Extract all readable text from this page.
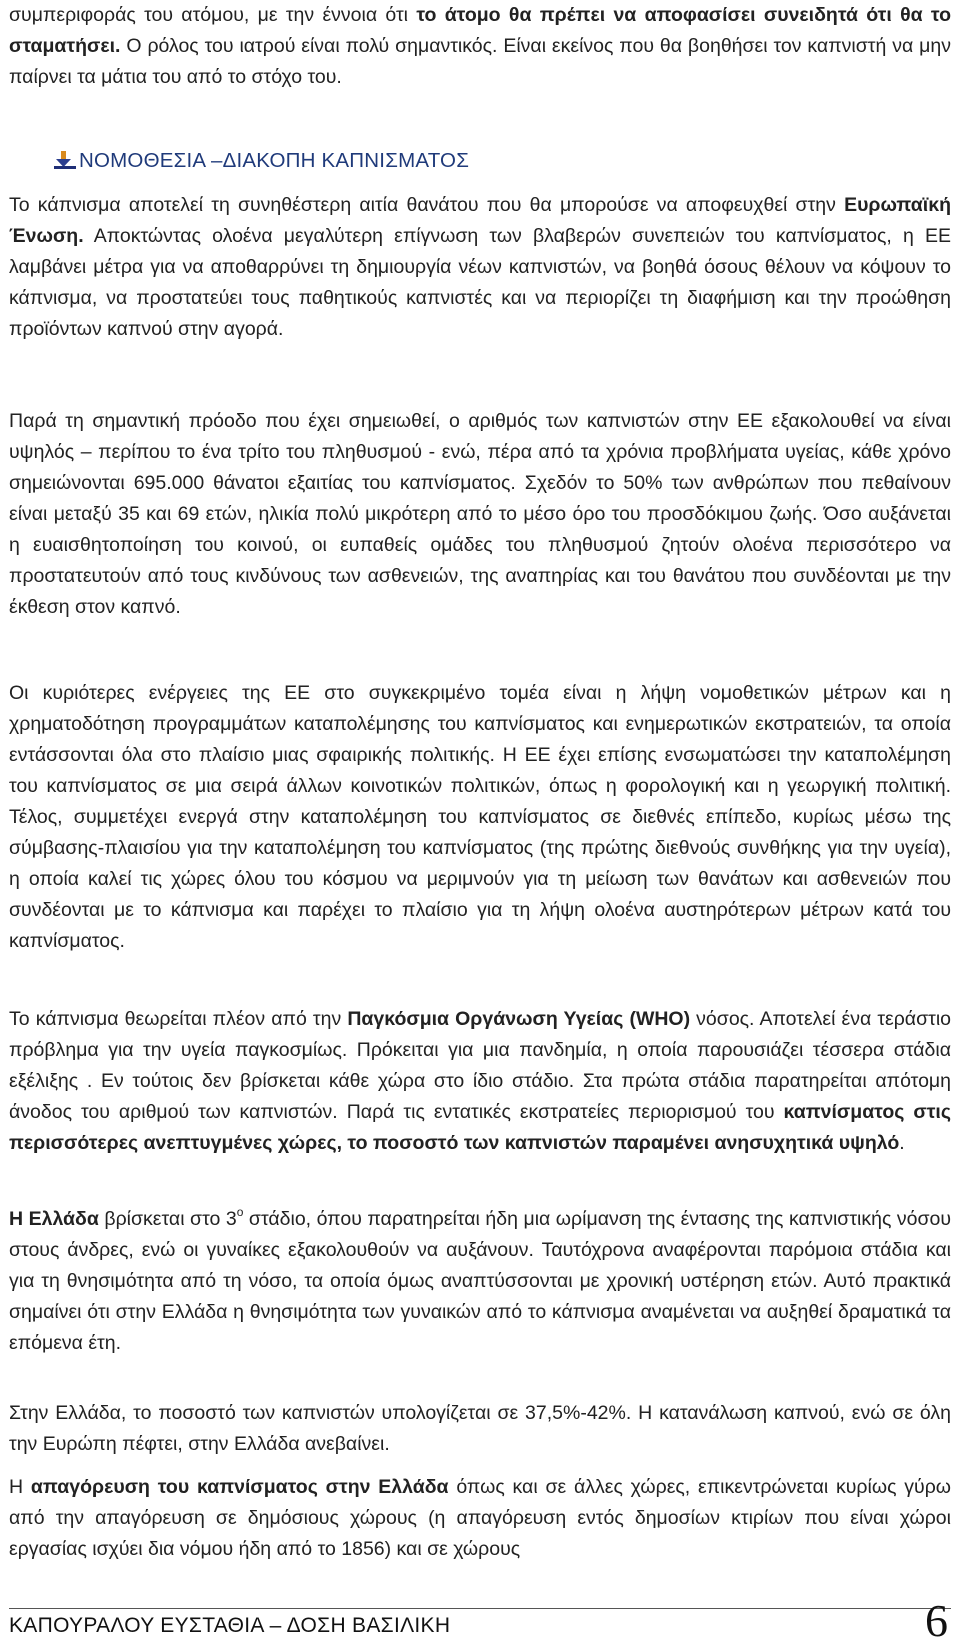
συμπεριφοράς του ατόμου, με την έννοια ότι το άτομο θα πρέπει να αποφασίσει συνειδητά ότι θα το σταματήσει. Ο ρόλος του ιατρού είναι πολύ σημαντικός. Είναι εκείνος που θα βοηθήσει τον καπνιστή να μην παίρνει τα μάτια του από το στόχο του.

ΝΟΜΟΘΕΣΙΑ –ΔΙΑΚΟΠΗ ΚΑΠΝΙΣΜΑΤΟΣ

Το κάπνισμα αποτελεί τη συνηθέστερη αιτία θανάτου που θα μπορούσε να αποφευχθεί στην Ευρωπαϊκή Ένωση. Αποκτώντας ολοένα μεγαλύτερη επίγνωση των βλαβερών συνεπειών του καπνίσματος, η ΕΕ λαμβάνει μέτρα για να αποθαρρύνει τη δημιουργία νέων καπνιστών, να βοηθά όσους θέλουν να κόψουν το κάπνισμα, να προστατεύει τους παθητικούς καπνιστές και να περιορίζει τη διαφήμιση και την προώθηση προϊόντων καπνού στην αγορά.

Παρά τη σημαντική πρόοδο που έχει σημειωθεί, ο αριθμός των καπνιστών στην ΕΕ εξακολουθεί να είναι υψηλός – περίπου το ένα τρίτο του πληθυσμού - ενώ, πέρα από τα χρόνια προβλήματα υγείας, κάθε χρόνο σημειώνονται 695.000 θάνατοι εξαιτίας του καπνίσματος. Σχεδόν το 50% των ανθρώπων που πεθαίνουν είναι μεταξύ 35 και 69 ετών, ηλικία πολύ μικρότερη από το μέσο όρο του προσδόκιμου ζωής. Όσο αυξάνεται η ευαισθητοποίηση του κοινού, οι ευπαθείς ομάδες του πληθυσμού ζητούν ολοένα περισσότερο να προστατευτούν από τους κινδύνους των ασθενειών, της αναπηρίας και του θανάτου που συνδέονται με την έκθεση στον καπνό.

Οι κυριότερες ενέργειες της ΕΕ στο συγκεκριμένο τομέα είναι η λήψη νομοθετικών μέτρων και η χρηματοδότηση προγραμμάτων καταπολέμησης του καπνίσματος και ενημερωτικών εκστρατειών, τα οποία εντάσσονται όλα στο πλαίσιο μιας σφαιρικής πολιτικής. Η ΕΕ έχει επίσης ενσωματώσει την καταπολέμηση του καπνίσματος σε μια σειρά άλλων κοινοτικών πολιτικών, όπως η φορολογική και η γεωργική πολιτική. Τέλος, συμμετέχει ενεργά στην καταπολέμηση του καπνίσματος σε διεθνές επίπεδο, κυρίως μέσω της σύμβασης-πλαισίου για την καταπολέμηση του καπνίσματος (της πρώτης διεθνούς συνθήκης για την υγεία), η οποία καλεί τις χώρες όλου του κόσμου να μεριμνούν για τη μείωση των θανάτων και ασθενειών που συνδέονται με το κάπνισμα και παρέχει το πλαίσιο για τη λήψη ολοένα αυστηρότερων μέτρων κατά του καπνίσματος.

Το κάπνισμα θεωρείται πλέον από την Παγκόσμια Οργάνωση Υγείας (WHO) νόσος. Αποτελεί ένα τεράστιο πρόβλημα για την υγεία παγκοσμίως. Πρόκειται για μια πανδημία, η οποία παρουσιάζει τέσσερα στάδια εξέλιξης . Εν τούτοις δεν βρίσκεται κάθε χώρα στο ίδιο στάδιο. Στα πρώτα στάδια παρατηρείται απότομη άνοδος του αριθμού των καπνιστών. Παρά τις εντατικές εκστρατείες περιορισμού του καπνίσματος στις περισσότερες ανεπτυγμένες χώρες, το ποσοστό των καπνιστών παραμένει ανησυχητικά υψηλό.

Η Ελλάδα βρίσκεται στο $3^o$ στάδιο, όπου παρατηρείται ήδη μια ωρίμανση της έντασης της καπνιστικής νόσου στους άνδρες, ενώ οι γυναίκες εξακολουθούν να αυξάνουν. Ταυτόχρονα αναφέρονται παρόμοια στάδια και για τη θνησιμότητα από τη νόσο, τα οποία όμως αναπτύσσονται με χρονική υστέρηση ετών. Αυτό πρακτικά σημαίνει ότι στην Ελλάδα η θνησιμότητα των γυναικών από το κάπνισμα αναμένεται να αυξηθεί δραματικά τα επόμενα έτη.

Στην Ελλάδα, το ποσοστό των καπνιστών υπολογίζεται σε 37,5%-42%. Η κατανάλωση καπνού, ενώ σε όλη την Ευρώπη πέφτει, στην Ελλάδα ανεβαίνει.

Η απαγόρευση του καπνίσματος στην Ελλάδα όπως και σε άλλες χώρες, επικεντρώνεται κυρίως γύρω από την απαγόρευση σε δημόσιους χώρους (η απαγόρευση εντός δημοσίων κτιρίων που είναι χώροι εργασίας ισχύει δια νόμου ήδη από το 1856) και σε χώρους

ΚΑΠΟΥΡΑΛΟΥ ΕΥΣΤΑΘΙΑ – ΔΟΣΗ ΒΑΣΙΛΙΚΗ	6
